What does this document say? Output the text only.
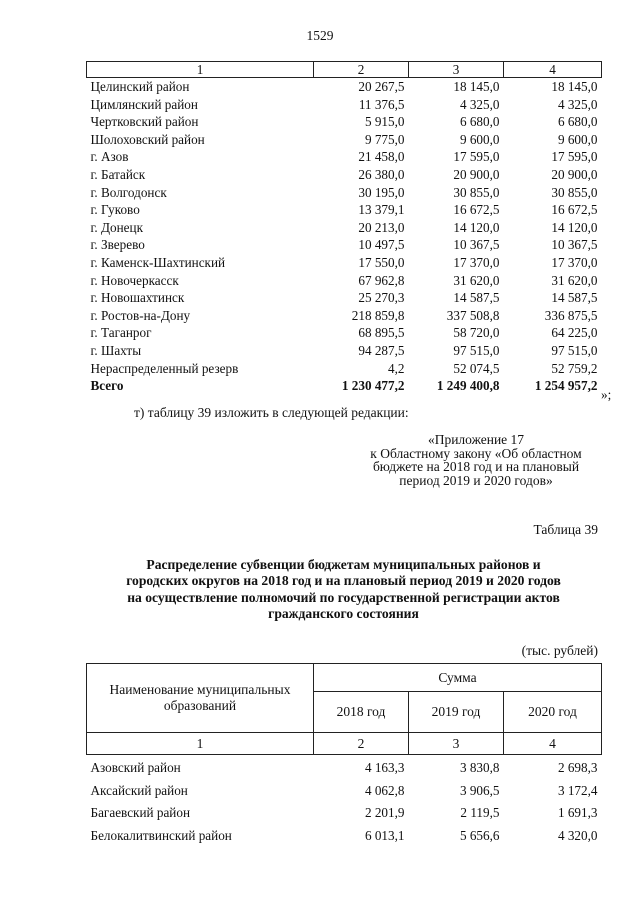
1529
1	2	3	4
Целинский район	20 267,5	18 145,0	18 145,0
Цимлянский район	11 376,5	4 325,0	4 325,0
Чертковский район	5 915,0	6 680,0	6 680,0
Шолоховский район	9 775,0	9 600,0	9 600,0
г. Азов	21 458,0	17 595,0	17 595,0
г. Батайск	26 380,0	20 900,0	20 900,0
г. Волгодонск	30 195,0	30 855,0	30 855,0
г. Гуково	13 379,1	16 672,5	16 672,5
г. Донецк	20 213,0	14 120,0	14 120,0
г. Зверево	10 497,5	10 367,5	10 367,5
г. Каменск-Шахтинский	17 550,0	17 370,0	17 370,0
г. Новочеркасск	67 962,8	31 620,0	31 620,0
г. Новошахтинск	25 270,3	14 587,5	14 587,5
г. Ростов-на-Дону	218 859,8	337 508,8	336 875,5
г. Таганрог	68 895,5	58 720,0	64 225,0
г. Шахты	94 287,5	97 515,0	97 515,0
Нераспределенный резерв	4,2	52 074,5	52 759,2
Всего	1 230 477,2	1 249 400,8	1 254 957,2
»;
т) таблицу 39 изложить в следующей редакции:
«Приложение 17
к Областному закону «Об областном
бюджете на 2018 год и на плановый
период 2019 и 2020 годов»
Таблица 39
Распределение субвенции бюджетам муниципальных районов и
городских округов на 2018 год и на плановый период 2019 и 2020 годов
на осуществление полномочий по государственной регистрации актов
гражданского состояния
(тыс. рублей)
Наименование муниципальных образований	Сумма		
	2018 год	2019 год	2020 год
1	2	3	4
Азовский район	4 163,3	3 830,8	2 698,3
Аксайский район	4 062,8	3 906,5	3 172,4
Багаевский район	2 201,9	2 119,5	1 691,3
Белокалитвинский район	6 013,1	5 656,6	4 320,0
